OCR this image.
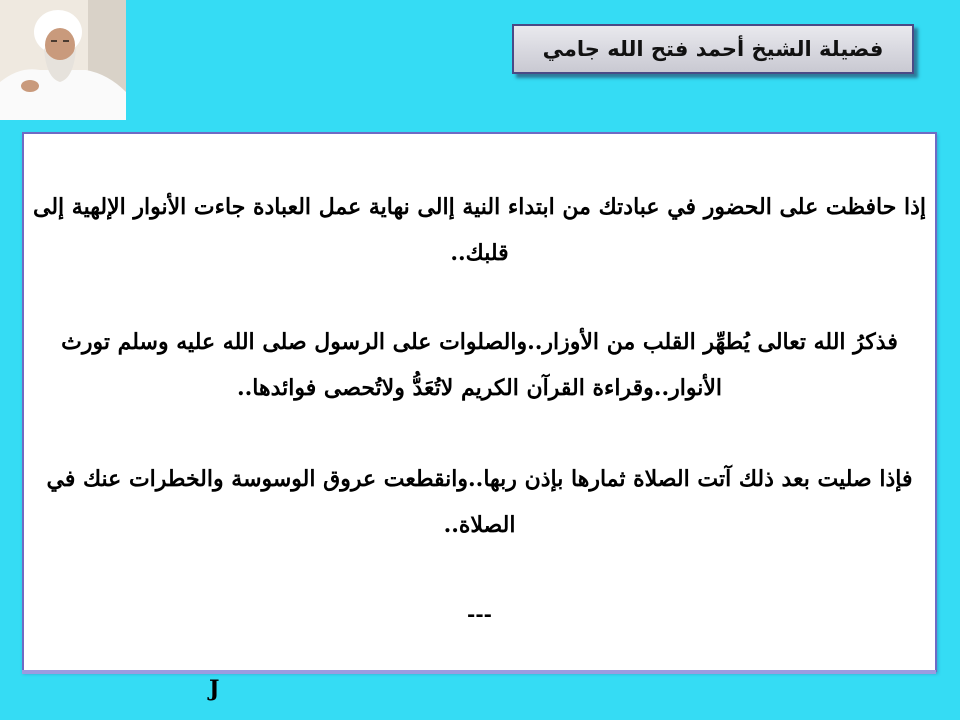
فضيلة الشيخ أحمد فتح الله جامي
إذا حافظت على الحضور في عبادتك من ابتداء النية إالى نهاية عمل العبادة جاءت الأنوار الإلهية إلى قلبك..
فذكرُ الله تعالى يُطهِّر القلب من الأوزار..والصلوات على الرسول صلى الله عليه وسلم تورث الأنوار..وقراءة القرآن الكريم لاتُعَدُّ ولاتُحصى فوائدها..
فإذا صليت بعد ذلك آتت الصلاة ثمارها بإذن ربها..وانقطعت عروق الوسوسة والخطرات عنك في الصلاة..
---
J
